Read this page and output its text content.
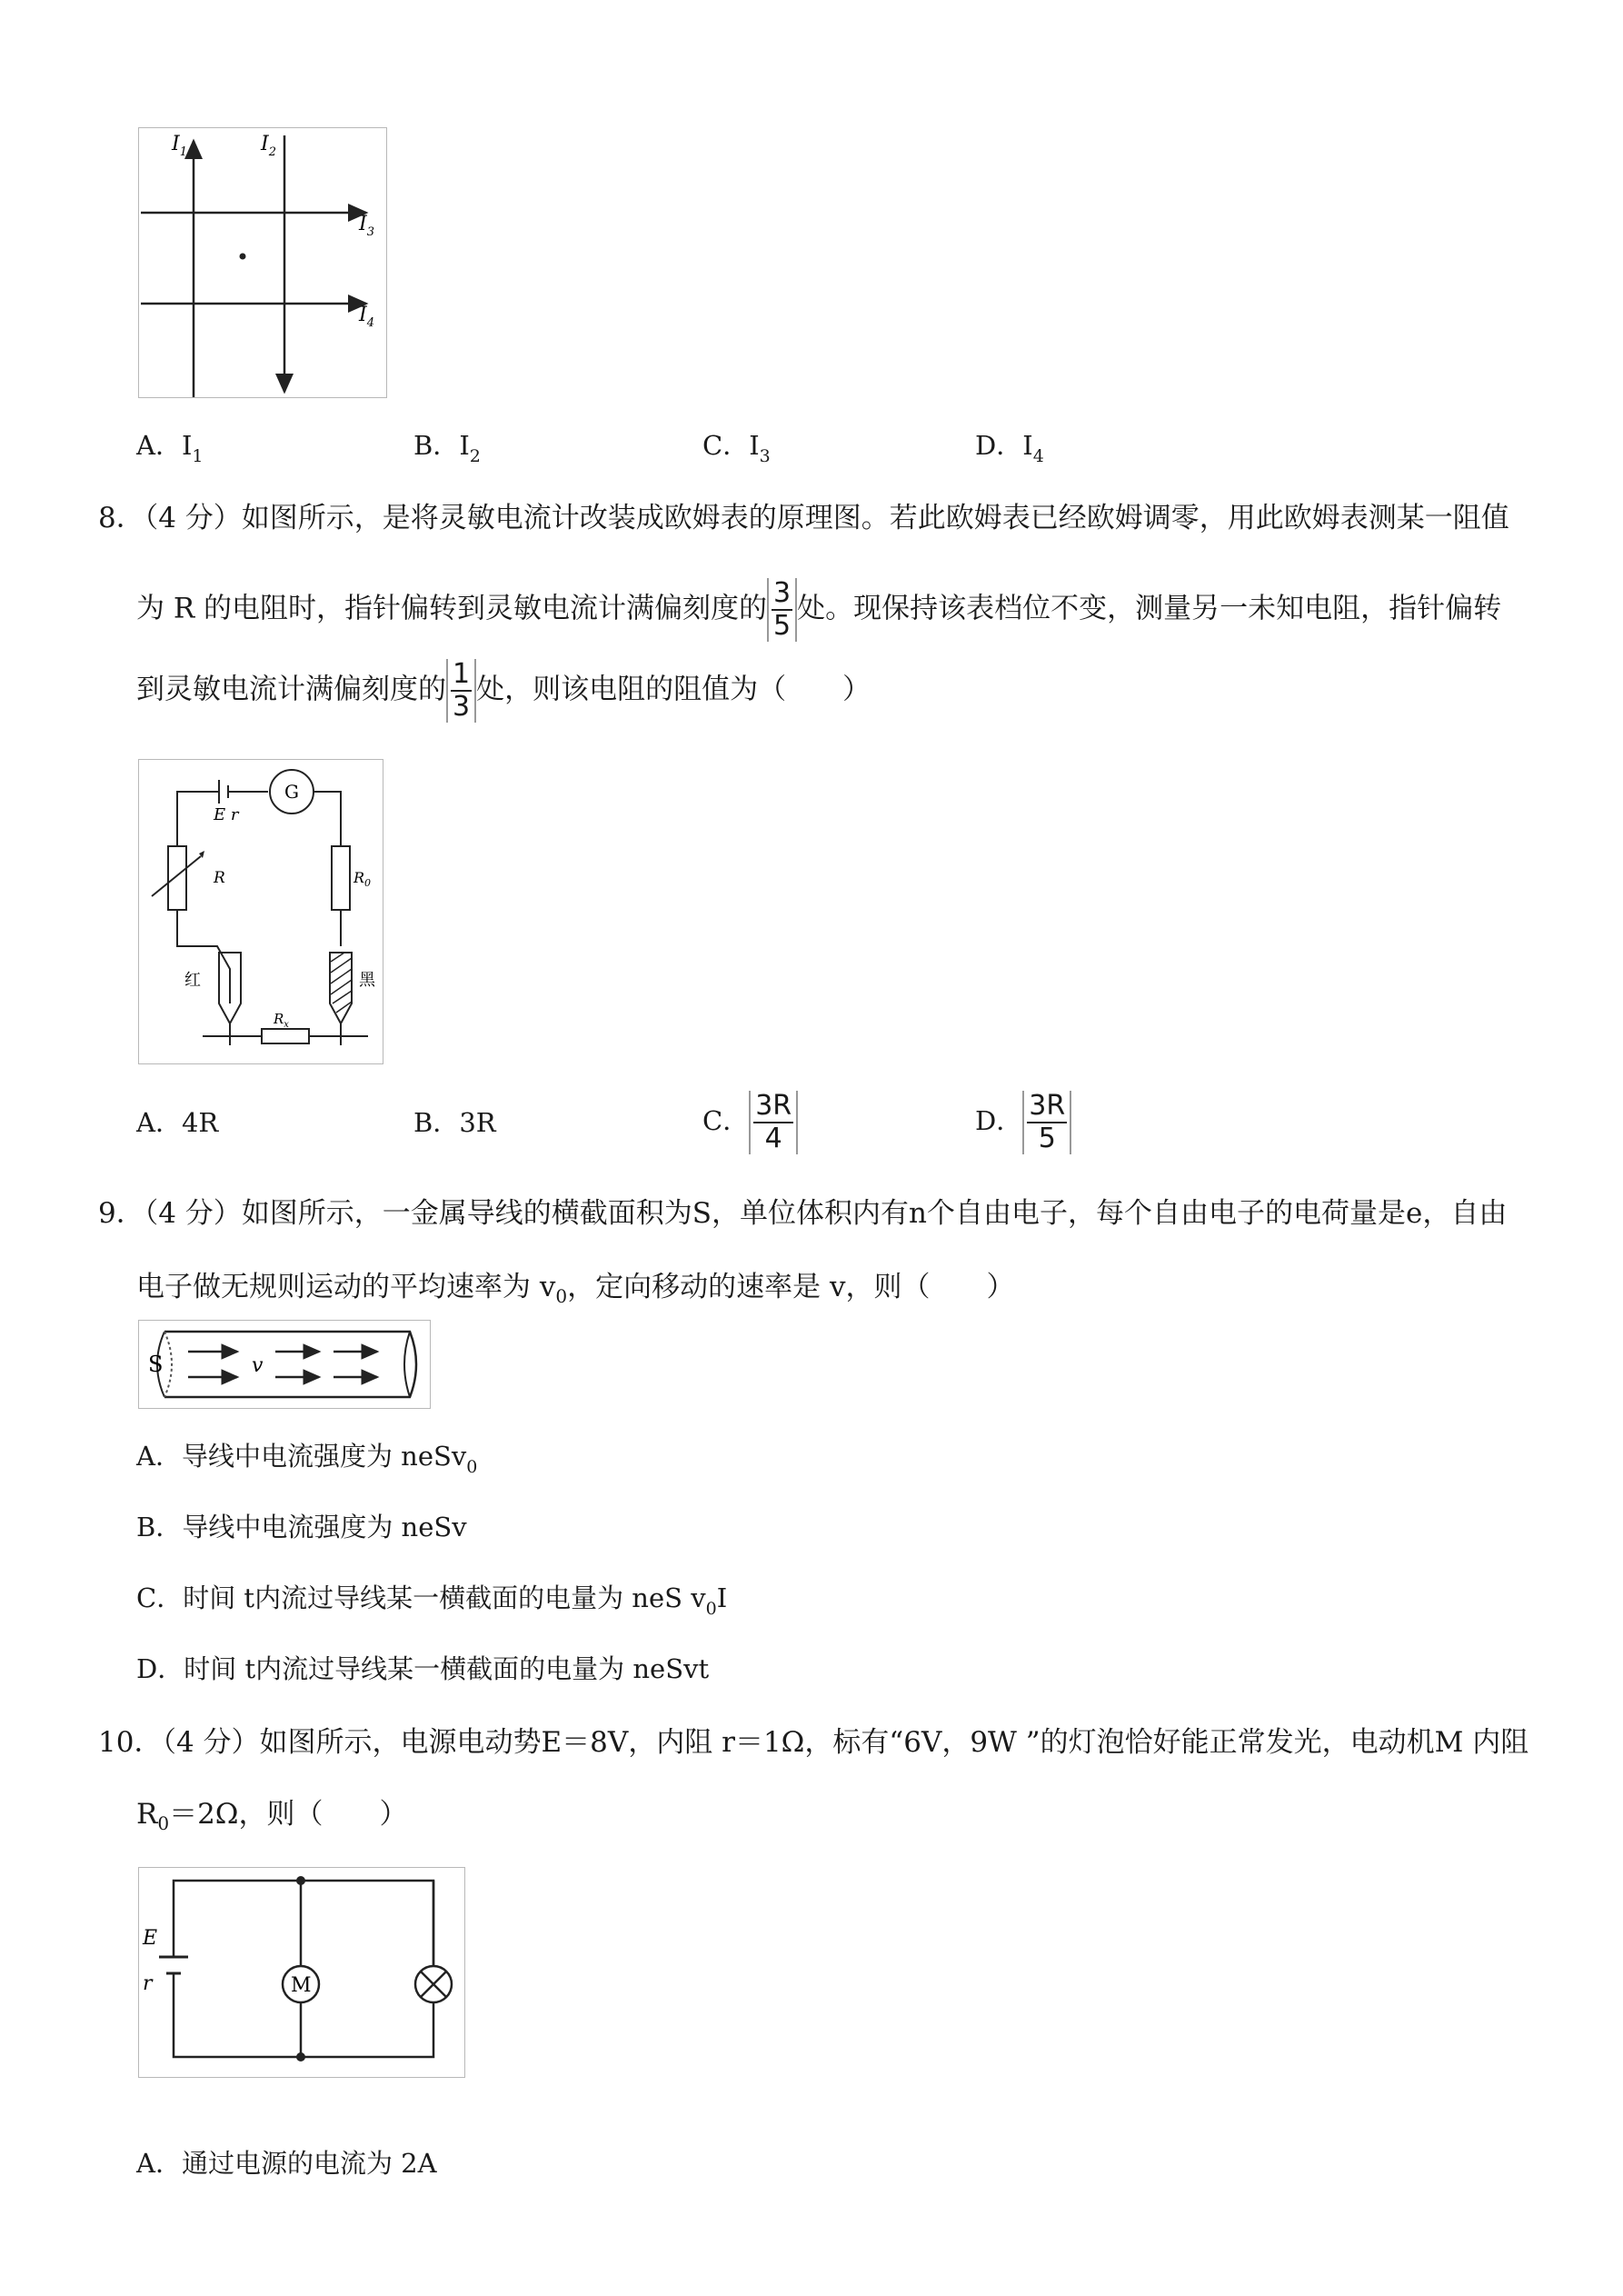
$I_1$	$I_2$
$I_3$
$I_4$
A．$I_1$	B．$I_2$	C．$I_3$	D．$I_4$
8．（4 分）如图所示，是将灵敏电流计改装成欧姆表的原理图。若此欧姆表已经欧姆调零，用此欧姆表测某一阻值
为 R 的电阻时，指针偏转到灵敏电流计满偏刻度的 $\frac{3}{5}$ 处。现保持该表档位不变，测量另一未知电阻，指针偏转
到灵敏电流计满偏刻度的 $\frac{1}{3}$ 处，则该电阻的阻值为（　　）
E r
G
R	$R_0$
红	黑
$R_x$
A．4R	B．3R	C． $\frac{3R}{4}$	D． $\frac{3R}{5}$
9．（4 分）如图所示，一金属导线的横截面积为S，单位体积内有n个自由电子，每个自由电子的电荷量是e，自由
电子做无规则运动的平均速率为 $v_0$，定向移动的速率是 v，则（　　）
S	v
A．导线中电流强度为 neSv$_0$
B．导线中电流强度为 neSv
C．时间 t内流过导线某一横截面的电量为 neS $v_0I$
D．时间 t内流过导线某一横截面的电量为 neSvt
10．（4 分）如图所示，电源电动势E＝8V，内阻 r＝1Ω，标有“6V，9W ”的灯泡恰好能正常发光，电动机M 内阻
$R_0=2\Omega$，则（　　）
E
r	M
A．通过电源的电流为 2A
